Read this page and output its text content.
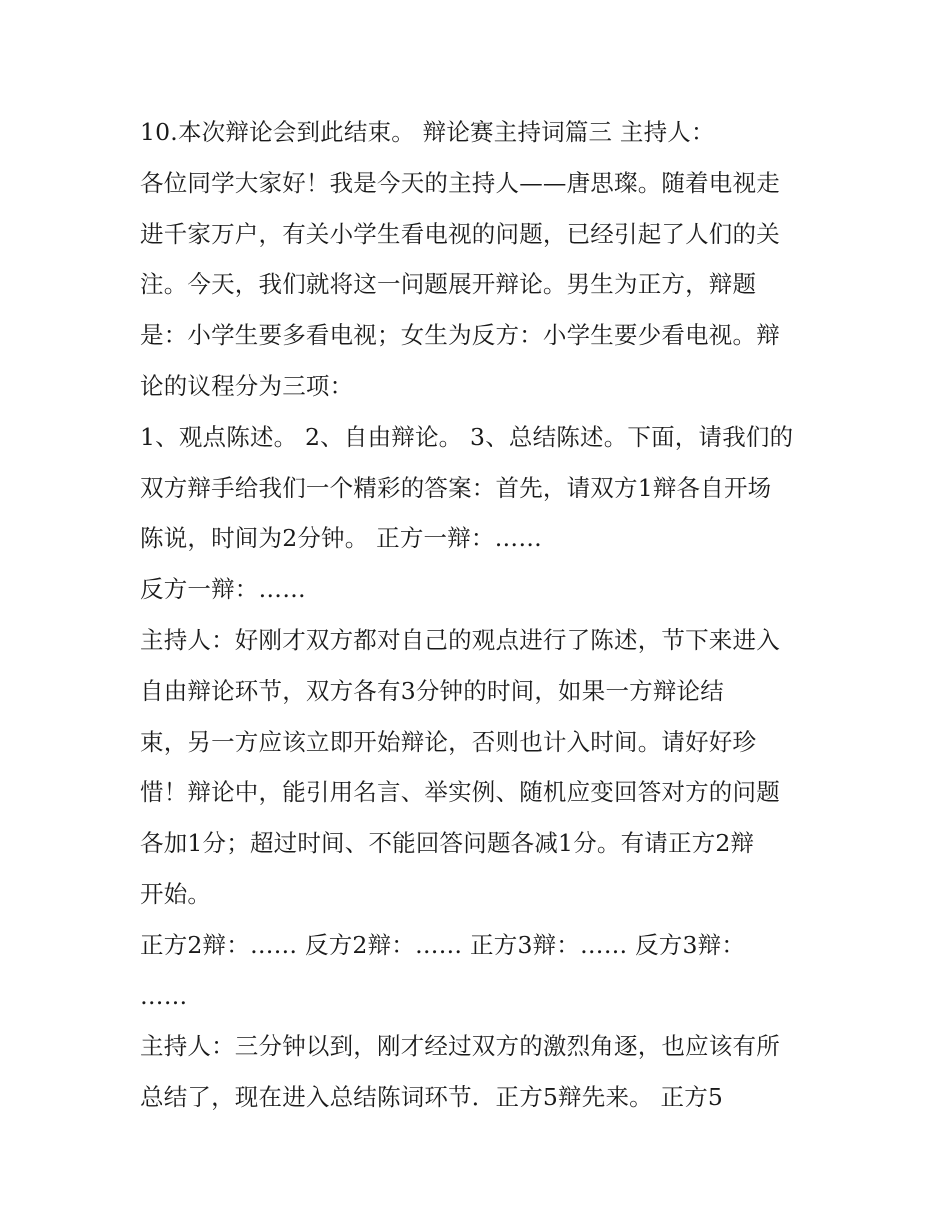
10.本次辩论会到此结束。 辩论赛主持词篇三 主持人：
各位同学大家好！我是今天的主持人——唐思璨。随着电视走
进千家万户，有关小学生看电视的问题，已经引起了人们的关
注。今天，我们就将这一问题展开辩论。男生为正方，辩题
是：小学生要多看电视；女生为反方：小学生要少看电视。辩
论的议程分为三项：
1、观点陈述。 2、自由辩论。 3、总结陈述。下面，请我们的
双方辩手给我们一个精彩的答案：首先，请双方1辩各自开场
陈说，时间为2分钟。 正方一辩：……
反方一辩：……
主持人：好刚才双方都对自己的观点进行了陈述，节下来进入
自由辩论环节，双方各有3分钟的时间，如果一方辩论结
束，另一方应该立即开始辩论，否则也计入时间。请好好珍
惜！辩论中，能引用名言、举实例、随机应变回答对方的问题
各加1分；超过时间、不能回答问题各减1分。有请正方2辩
开始。
正方2辩：…… 反方2辩：…… 正方3辩：…… 反方3辩：
……
主持人：三分钟以到，刚才经过双方的激烈角逐，也应该有所
总结了，现在进入总结陈词环节．正方5辩先来。 正方5
